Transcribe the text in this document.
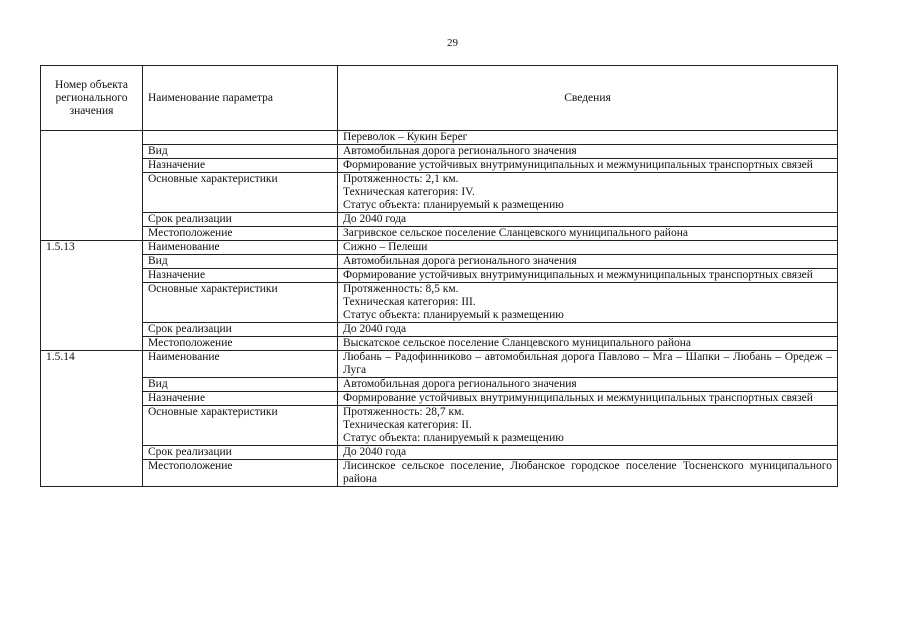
29
Номер объекта регионального значения	Наименование параметра	Сведения
		Переволок – Кукин Берег
	Вид	Автомобильная дорога регионального значения
	Назначение	Формирование устойчивых внутримуниципальных и межмуниципальных транспортных связей
	Основные характеристики	Протяженность: 2,1 км.
Техническая категория: IV.
Статус объекта: планируемый к размещению
	Срок реализации	До 2040 года
	Местоположение	Загривское сельское поселение Сланцевского муниципального района
1.5.13	Наименование	Сижно – Пелеши
	Вид	Автомобильная дорога регионального значения
	Назначение	Формирование устойчивых внутримуниципальных и межмуниципальных транспортных связей
	Основные характеристики	Протяженность: 8,5 км.
Техническая категория: III.
Статус объекта: планируемый к размещению
	Срок реализации	До 2040 года
	Местоположение	Выскатское сельское поселение Сланцевского муниципального района
1.5.14	Наименование	Любань – Радофинниково – автомобильная дорога Павлово – Мга – Шапки – Любань – Оредеж – Луга
	Вид	Автомобильная дорога регионального значения
	Назначение	Формирование устойчивых внутримуниципальных и межмуниципальных транспортных связей
	Основные характеристики	Протяженность: 28,7 км.
Техническая категория: II.
Статус объекта: планируемый к размещению
	Срок реализации	До 2040 года
	Местоположение	Лисинское сельское поселение, Любанское городское поселение Тосненского муниципального района
